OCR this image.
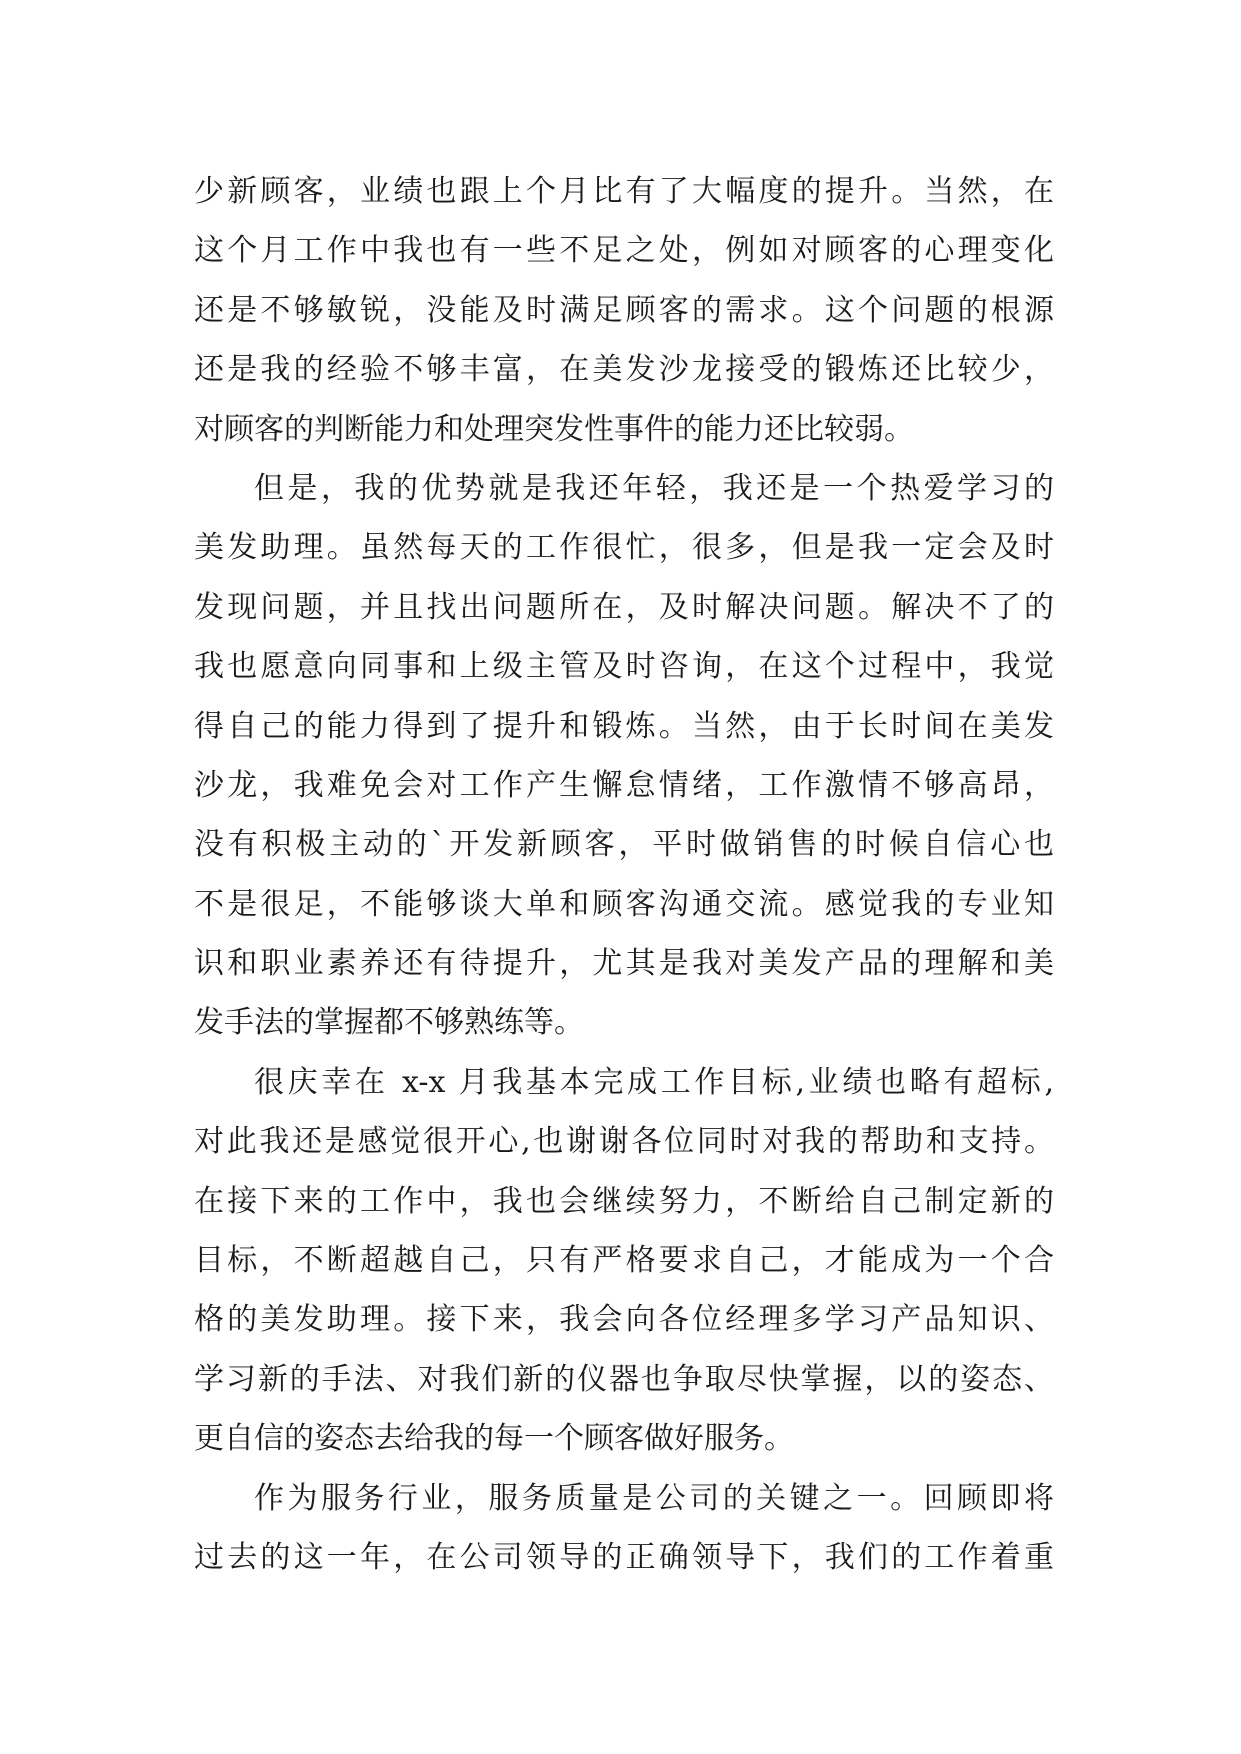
少新顾客，业绩也跟上个月比有了大幅度的提升。当然，在
这个月工作中我也有一些不足之处，例如对顾客的心理变化
还是不够敏锐，没能及时满足顾客的需求。这个问题的根源
还是我的经验不够丰富，在美发沙龙接受的锻炼还比较少，
对顾客的判断能力和处理突发性事件的能力还比较弱。
但是，我的优势就是我还年轻，我还是一个热爱学习的
美发助理。虽然每天的工作很忙，很多，但是我一定会及时
发现问题，并且找出问题所在，及时解决问题。解决不了的
我也愿意向同事和上级主管及时咨询，在这个过程中，我觉
得自己的能力得到了提升和锻炼。当然，由于长时间在美发
沙龙，我难免会对工作产生懈怠情绪，工作激情不够高昂，
没有积极主动的`开发新顾客，平时做销售的时候自信心也
不是很足，不能够谈大单和顾客沟通交流。感觉我的专业知
识和职业素养还有待提升，尤其是我对美发产品的理解和美
发手法的掌握都不够熟练等。
很庆幸在 x-x 月我基本完成工作目标,业绩也略有超标,
对此我还是感觉很开心,也谢谢各位同时对我的帮助和支持。
在接下来的工作中，我也会继续努力，不断给自己制定新的
目标，不断超越自己，只有严格要求自己，才能成为一个合
格的美发助理。接下来，我会向各位经理多学习产品知识、
学习新的手法、对我们新的仪器也争取尽快掌握，以的姿态、
更自信的姿态去给我的每一个顾客做好服务。
作为服务行业，服务质量是公司的关键之一。回顾即将
过去的这一年，在公司领导的正确领导下，我们的工作着重
